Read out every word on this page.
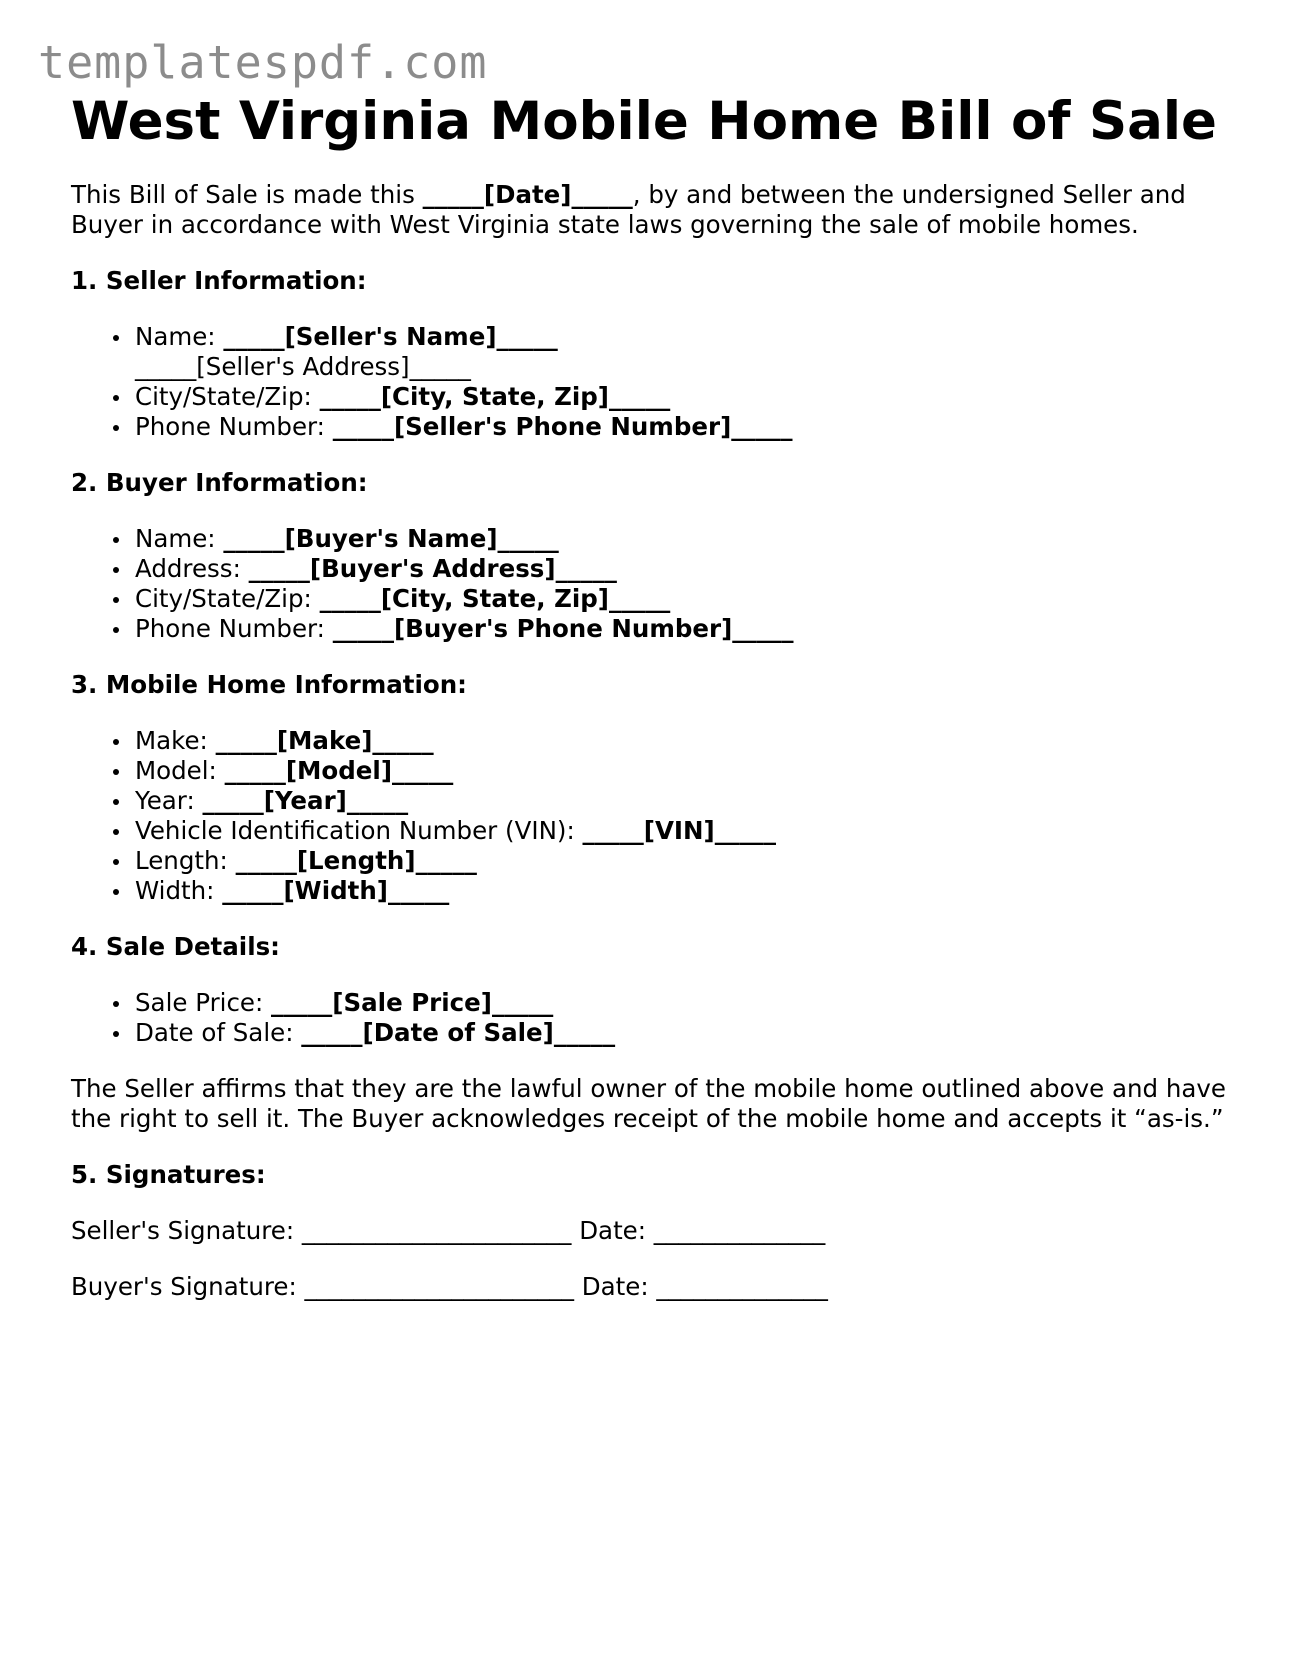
templatespdf.com
West Virginia Mobile Home Bill of Sale

This Bill of Sale is made this _____[Date]_____, by and between the undersigned Seller and Buyer in accordance with West Virginia state laws governing the sale of mobile homes.

1. Seller Information:
Name: _____[Seller's Name]_____
_____[Seller's Address]_____
City/State/Zip: _____[City, State, Zip]_____
Phone Number: _____[Seller's Phone Number]_____
2. Buyer Information:
Name: _____[Buyer's Name]_____
Address: _____[Buyer's Address]_____
City/State/Zip: _____[City, State, Zip]_____
Phone Number: _____[Buyer's Phone Number]_____
3. Mobile Home Information:
Make: _____[Make]_____
Model: _____[Model]_____
Year: _____[Year]_____
Vehicle Identification Number (VIN): _____[VIN]_____
Length: _____[Length]_____
Width: _____[Width]_____
4. Sale Details:
Sale Price: _____[Sale Price]_____
Date of Sale: _____[Date of Sale]_____

The Seller affirms that they are the lawful owner of the mobile home outlined above and have the right to sell it. The Buyer acknowledges receipt of the mobile home and accepts it “as-is.”

5. Signatures:
Seller's Signature: ______________________ Date: ______________
Buyer's Signature: ______________________ Date: ______________
